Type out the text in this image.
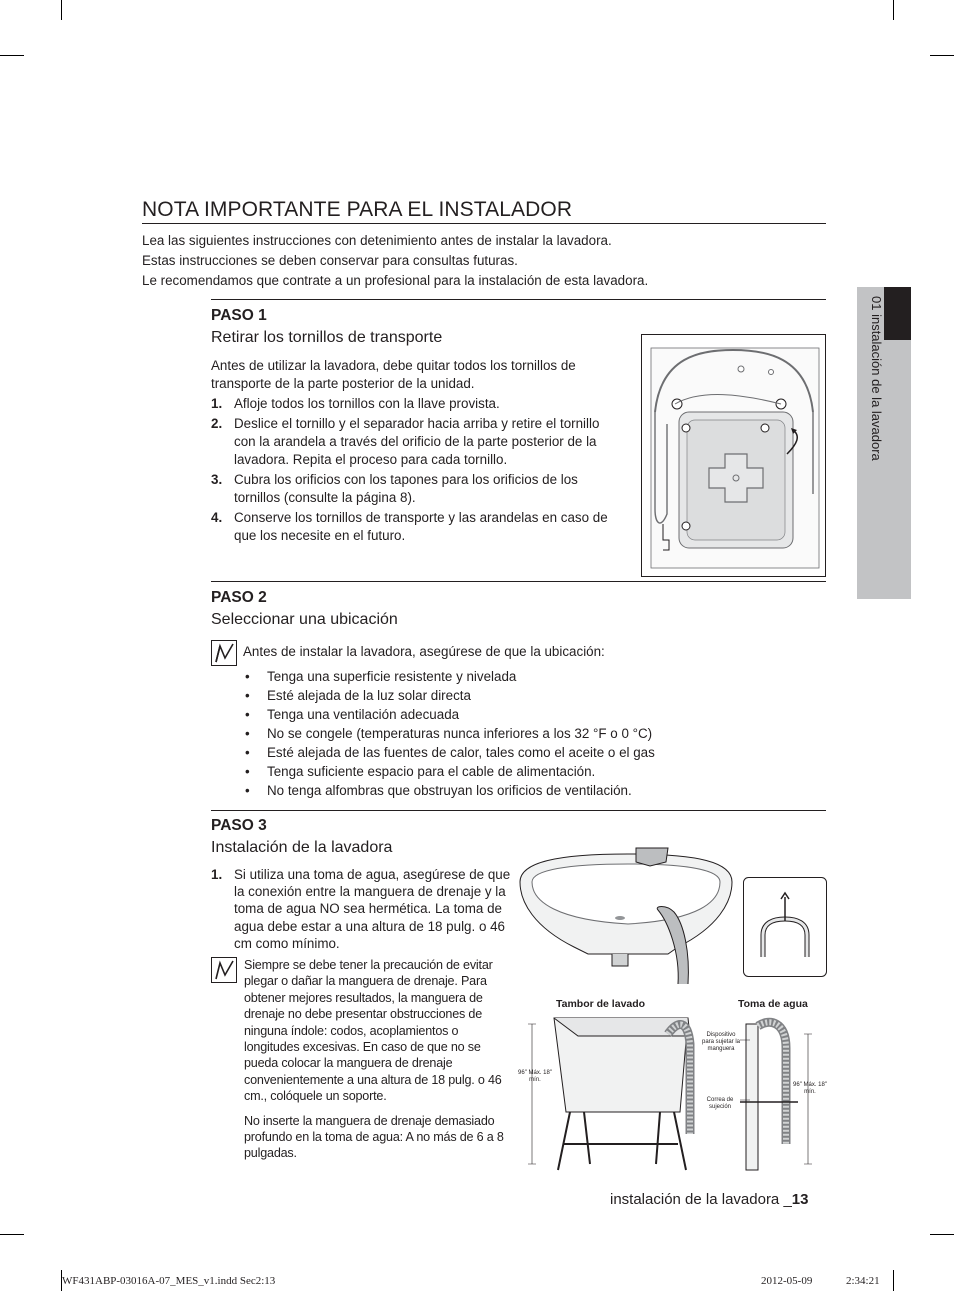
01 instalación de la lavadora
NOTA IMPORTANTE PARA EL INSTALADOR
Lea las siguientes instrucciones con detenimiento antes de instalar la lavadora.
Estas instrucciones se deben conservar para consultas futuras.
Le recomendamos que contrate a un profesional para la instalación de esta lavadora.
PASO 1
Retirar los tornillos de transporte
Antes de utilizar la lavadora, debe quitar todos los tornillos de transporte de la parte posterior de la unidad.
1. Afloje todos los tornillos con la llave provista.
2. Deslice el tornillo y el separador hacia arriba y retire el tornillo con la arandela a través del orificio de la parte posterior de la lavadora. Repita el proceso para cada tornillo.
3. Cubra los orificios con los tapones para los orificios de los tornillos (consulte la página 8).
4. Conserve los tornillos de transporte y las arandelas en caso de que los necesite en el futuro.
PASO 2
Seleccionar una ubicación
Antes de instalar la lavadora, asegúrese de que la ubicación:
• Tenga una superficie resistente y nivelada
• Esté alejada de la luz solar directa
• Tenga una ventilación adecuada
• No se congele (temperaturas nunca inferiores a los 32 °F o 0 °C)
• Esté alejada de las fuentes de calor, tales como el aceite o el gas
• Tenga suficiente espacio para el cable de alimentación.
• No tenga alfombras que obstruyan los orificios de ventilación.
PASO 3
Instalación de la lavadora
1. Si utiliza una toma de agua, asegúrese de que la conexión entre la manguera de drenaje y la toma de agua NO sea hermética. La toma de agua debe estar a una altura de 18 pulg. o 46 cm como mínimo.
Siempre se debe tener la precaución de evitar plegar o dañar la manguera de drenaje. Para obtener mejores resultados, la manguera de drenaje no debe presentar obstrucciones de ninguna índole: codos, acoplamientos o longitudes excesivas. En caso de que no se pueda colocar la manguera de drenaje convenientemente a una altura de 18 pulg. o 46 cm., colóquele un soporte.
No inserte la manguera de drenaje demasiado profundo en la toma de agua: A no más de 6 a 8 pulgadas.
Tambor de lavado	Toma de agua
Dispositivo para sujetar la manguera
Correa de sujeción
96" Máx. 18" mín.
96" Máx. 18" mín.
instalación de la lavadora _13
WF431ABP-03016A-07_MES_v1.indd Sec2:13	2012-05-09	2:34:21
